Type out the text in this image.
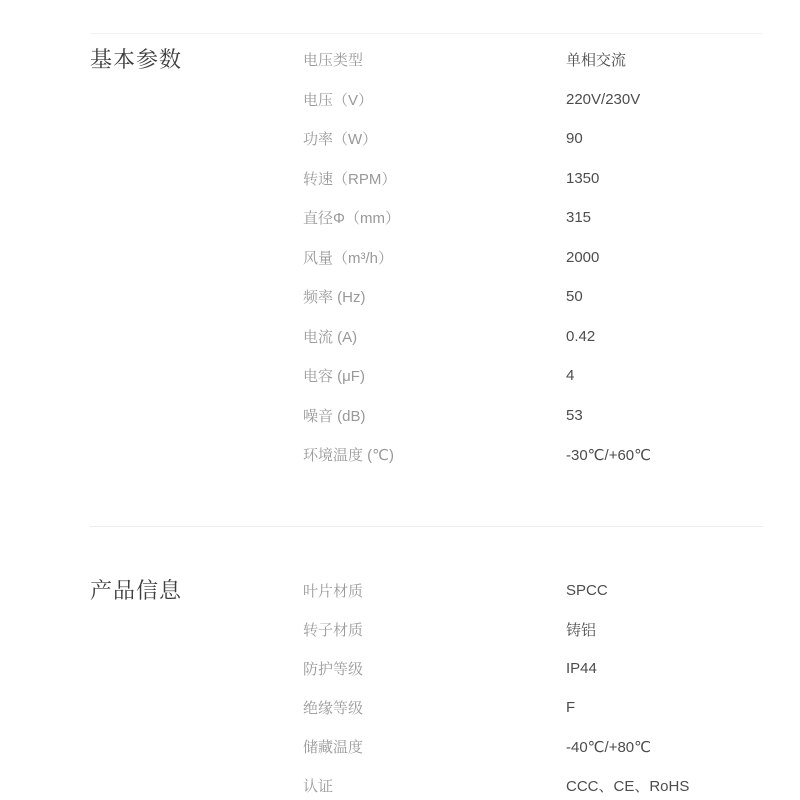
基本参数	电压类型	单相交流
电压（V）	220V/230V
功率（W）	90
转速（RPM）	1350
直径Φ（mm）	315
风量（m³/h）	2000
频率 (Hz)	50
电流 (A)	0.42
电容 (μF)	4
噪音 (dB)	53
环境温度 (℃)	-30℃/+60℃
产品信息	叶片材质	SPCC
转子材质	铸铝
防护等级	IP44
绝缘等级	F
储藏温度	-40℃/+80℃
认证	CCC、CE、RoHS
